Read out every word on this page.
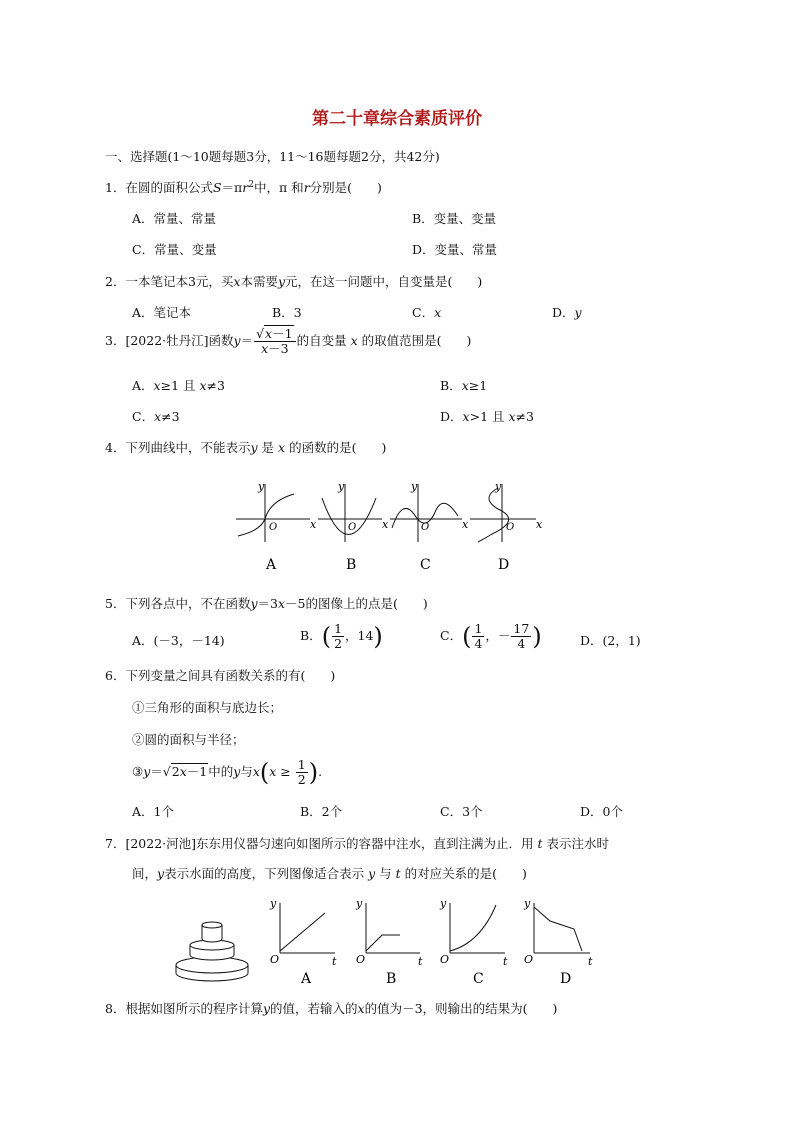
第二十章综合素质评价
一、选择题(1～10题每题3分，11～16题每题2分，共42分)
1．在圆的面积公式$S=\pi r^2$中，π 和r分别是(　　)
A．常量、常量	B．变量、变量
C．常量、变量	D．变量、常量
2．一本笔记本3元，买x本需要y元，在这一问题中，自变量是(　　)
A．笔记本	B．3	C．x	D．y
3．[2022·牡丹江]函数$y= \frac{√x-1}{x-3}$ 的自变量 x 的取值范围是(　　)
A．x≥1 且 x≠3	B．x≥1
C．x≠3	D．x>1 且 x≠3
4．下列曲线中，不能表示y 是 x 的函数的是(　　)
y
x
O
y
x
O
y
x
O
y
x
O
A	B	C	D
5．下列各点中，不在函数y＝3x－5的图像上的点是(　　)
A．(－3，－14)	B．( $\frac{1}{2}$ ，14)	C．( $\frac{1}{4}$ ，－ $\frac{17}{4}$ )	D．(2，1)
6．下列变量之间具有函数关系的有(　　)
①三角形的面积与底边长；
②圆的面积与半径；
③y＝√2x－1中的y与$x(x \ge \frac{1}{2}$ ).
A．1个	B．2个	C．3个	D．0个
7．[2022·河池]东东用仪器匀速向如图所示的容器中注水，直到注满为止．用 t 表示注水时
间，y表示水面的高度，下列图像适合表示 y 与 t 的对应关系的是(　　)
y
O	t
y
O	t
y
O	t
y
O	t
A	B	C	D
8．根据如图所示的程序计算y的值，若输入的x的值为－3，则输出的结果为(　　)
